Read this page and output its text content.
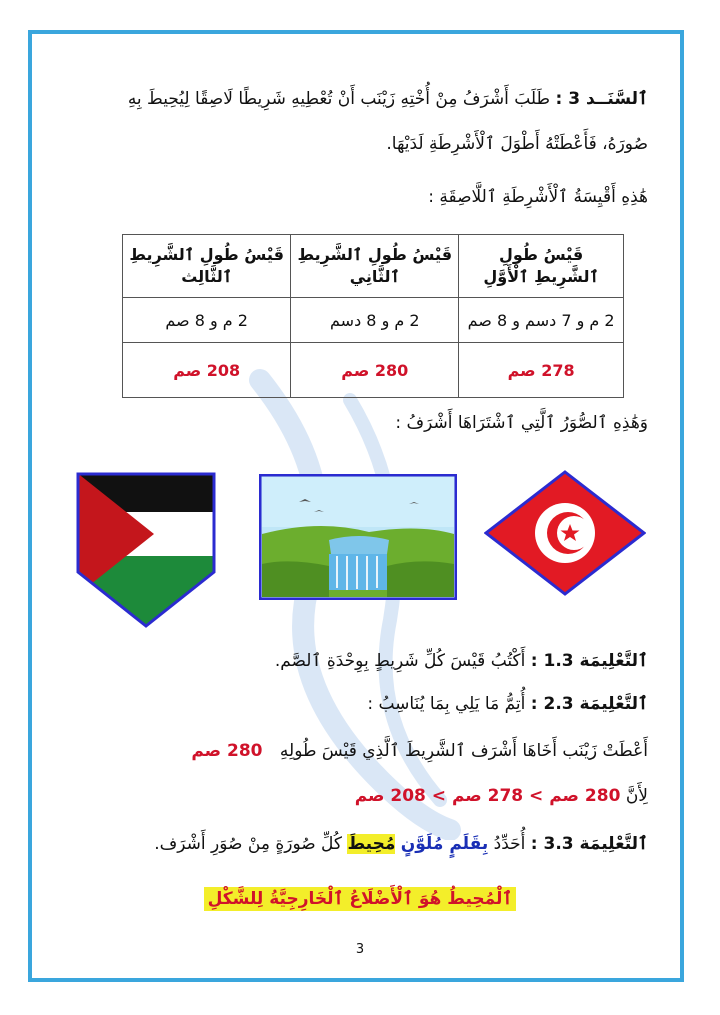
ٱلسَّنَــد 3 : طَلَبَ أَشْرَفُ مِنْ أُخْتِهِ زَيْنَب أَنْ تُعْطِيهِ شَرِيطًا لَاصِقًا لِيُحِيطَ بِهِ
صُورَهُ، فَأَعْطَتْهُ أَطْوَلَ ٱلْأَشْرِطَةِ لَدَيْهَا.
هَٰذِهِ أَقْيِسَةُ ٱلْأَشْرِطَةِ ٱللَّاصِقَةِ :
قَيْسُ طُولِ ٱلشَّرِيطِ ٱلْأَوَّلِ	قَيْسُ طُولِ ٱلشَّرِيطِ ٱلثَّانِي	قَيْسُ طُولِ ٱلشَّرِيطِ ٱلثَّالِث
2 م و 7 دسم و 8 صم	2 م و 8 دسم	2 م و 8 صم
278 صم	280 صم	208 صم
وَهَٰذِهِ ٱلصُّوَرُ ٱلَّتِي ٱشْتَرَاهَا أَشْرَفُ :
ٱلتَّعْلِيمَة 1.3 : أَكْتُبُ قَيْسَ كُلِّ شَرِيطٍ بِوِحْدَةِ ٱلصَّم.
ٱلتَّعْلِيمَة 2.3 : أُتِمُّ مَا يَلِي بِمَا يُنَاسِبُ :
أَعْطَتْ زَيْنَب أَخَاهَا أَشْرَف ٱلشَّرِيطَ ٱلَّذِي قَيْسَ طُولِهِ 280 صم
لِأَنَّ 280 صم > 278 صم > 208 صم
ٱلتَّعْلِيمَة 3.3 : أُحَدِّدُ بِقَلَمٍ مُلَوَّنٍ مُحِيطَ كُلِّ صُورَةٍ مِنْ صُوَرِ أَشْرَف.
ٱلْمُحِيطُ هُوَ ٱلْأَضْلَاعُ ٱلْخَارِجِيَّةُ لِلشَّكْلِ
3
